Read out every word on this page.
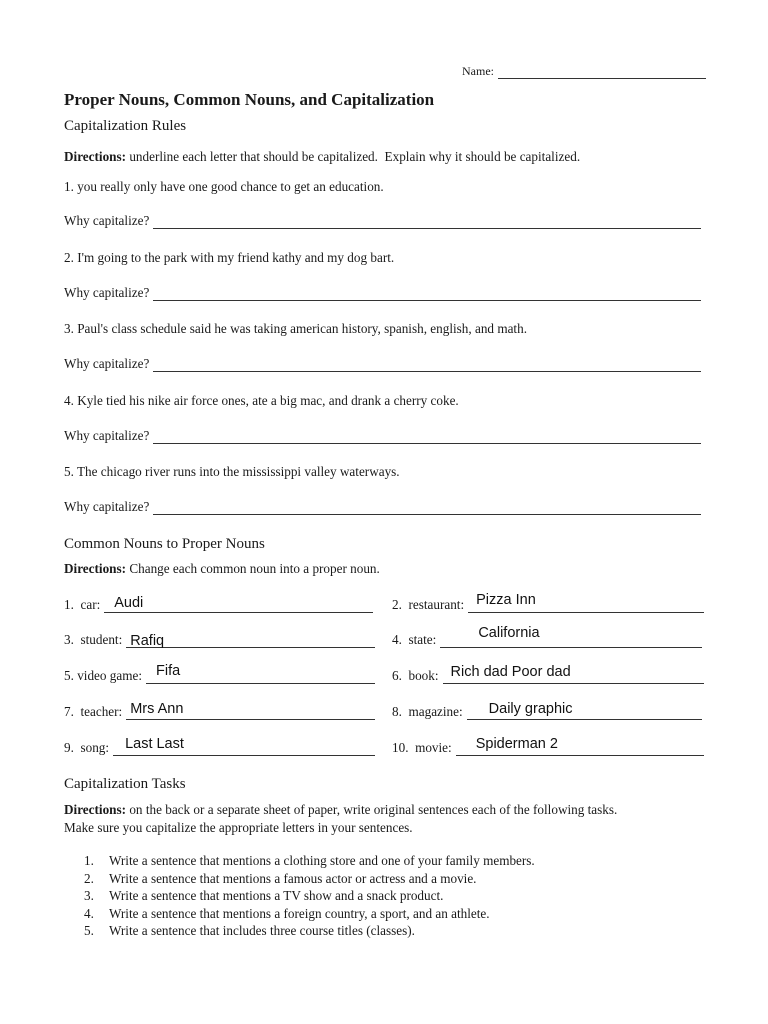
Name:
Proper Nouns, Common Nouns, and Capitalization
Capitalization Rules
Directions: underline each letter that should be capitalized.  Explain why it should be capitalized.
1. you really only have one good chance to get an education.
Why capitalize?
2. I'm going to the park with my friend kathy and my dog bart.
Why capitalize?
3. Paul's class schedule said he was taking american history, spanish, english, and math.
Why capitalize?
4. Kyle tied his nike air force ones, ate a big mac, and drank a cherry coke.
Why capitalize?
5. The chicago river runs into the mississippi valley waterways.
Why capitalize?
Common Nouns to Proper Nouns
Directions: Change each common noun into a proper noun.
1.  car: Audi	2.  restaurant: Pizza Inn
3.  student: Rafiq	4.  state:	California
5. video game: Fifa	6.  book: Rich dad Poor dad
7.  teacher: Mrs Ann	8.  magazine: Daily graphic
9.  song: Last Last	10.  movie: Spiderman 2
Capitalization Tasks
Directions: on the back or a separate sheet of paper, write original sentences each of the following tasks.
Make sure you capitalize the appropriate letters in your sentences.
1.	Write a sentence that mentions a clothing store and one of your family members.
2.	Write a sentence that mentions a famous actor or actress and a movie.
3.	Write a sentence that mentions a TV show and a snack product.
4.	Write a sentence that mentions a foreign country, a sport, and an athlete.
5.	Write a sentence that includes three course titles (classes).
